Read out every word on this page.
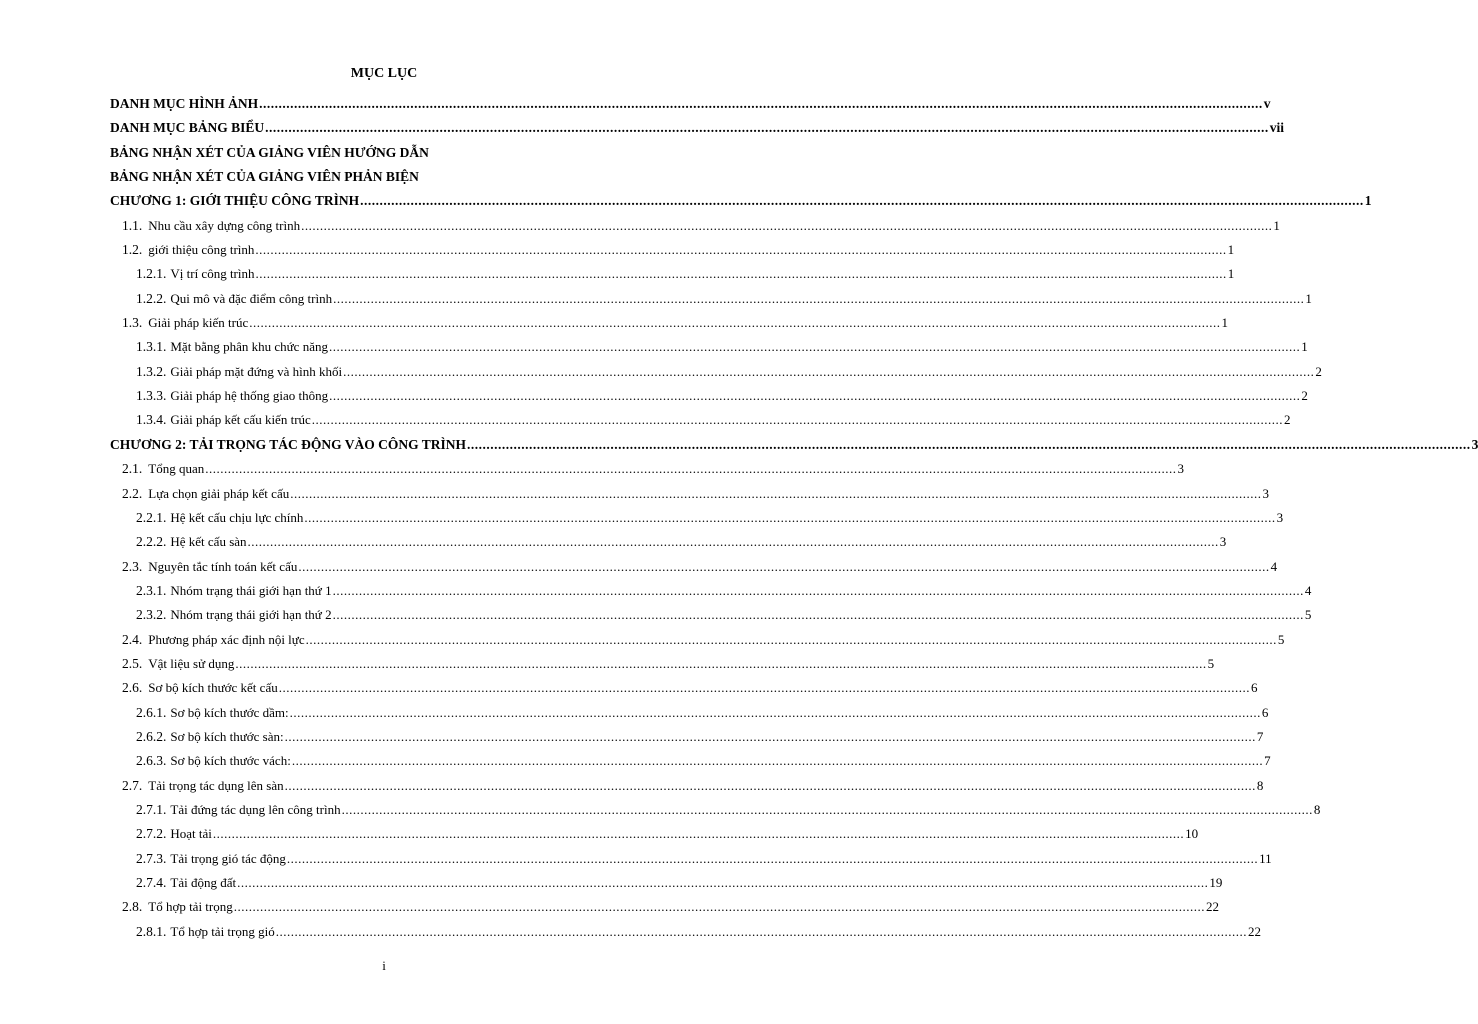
MỤC LỤC
DANH MỤC HÌNH ẢNH ................................................................................................................................................................................................................................................................... v
DANH MỤC BẢNG BIỂU ................................................................................................................................................................................................................................................................... vii
BẢNG NHẬN XÉT CỦA GIẢNG VIÊN HƯỚNG DẪN
BẢNG NHẬN XÉT CỦA GIẢNG VIÊN PHẢN BIỆN
CHƯƠNG 1: GIỚI THIỆU CÔNG TRÌNH ................................................................................................................................................................................................................................................................... 1
1.1. Nhu cầu xây dựng công trình ................................................................................................................................................................................................................................................................... 1
1.2. giới thiệu công trình ................................................................................................................................................................................................................................................................... 1
1.2.1. Vị trí công trình ................................................................................................................................................................................................................................................................... 1
1.2.2. Qui mô và đặc điểm công trình ................................................................................................................................................................................................................................................................... 1
1.3. Giải pháp kiến trúc ................................................................................................................................................................................................................................................................... 1
1.3.1. Mặt bằng phân khu chức năng ................................................................................................................................................................................................................................................................... 1
1.3.2. Giải pháp mặt đứng và hình khối ................................................................................................................................................................................................................................................................... 2
1.3.3. Giải pháp hệ thống giao thông ................................................................................................................................................................................................................................................................... 2
1.3.4. Giải pháp kết cấu kiến trúc ................................................................................................................................................................................................................................................................... 2
CHƯƠNG 2: TẢI TRỌNG TÁC ĐỘNG VÀO CÔNG TRÌNH ................................................................................................................................................................................................................................................................... 3
2.1. Tổng quan ................................................................................................................................................................................................................................................................... 3
2.2. Lựa chọn giải pháp kết cấu ................................................................................................................................................................................................................................................................... 3
2.2.1. Hệ kết cấu chịu lực chính ................................................................................................................................................................................................................................................................... 3
2.2.2. Hệ kết cấu sàn ................................................................................................................................................................................................................................................................... 3
2.3. Nguyên tắc tính toán kết cấu ................................................................................................................................................................................................................................................................... 4
2.3.1. Nhóm trạng thái giới hạn thứ 1 ................................................................................................................................................................................................................................................................... 4
2.3.2. Nhóm trạng thái giới hạn thứ 2 ................................................................................................................................................................................................................................................................... 5
2.4. Phương pháp xác định nội lực ................................................................................................................................................................................................................................................................... 5
2.5. Vật liệu sử dụng ................................................................................................................................................................................................................................................................... 5
2.6. Sơ bộ kích thước kết cấu ................................................................................................................................................................................................................................................................... 6
2.6.1. Sơ bộ kích thước dầm: ................................................................................................................................................................................................................................................................... 6
2.6.2. Sơ bộ kích thước sàn: ................................................................................................................................................................................................................................................................... 7
2.6.3. Sơ bộ kích thước vách: ................................................................................................................................................................................................................................................................... 7
2.7. Tải trọng tác dụng lên sàn ................................................................................................................................................................................................................................................................... 8
2.7.1. Tải đứng tác dụng lên công trình ................................................................................................................................................................................................................................................................... 8
2.7.2. Hoạt tải ................................................................................................................................................................................................................................................................... 10
2.7.3. Tải trọng gió tác động ................................................................................................................................................................................................................................................................... 11
2.7.4. Tải động đất ................................................................................................................................................................................................................................................................... 19
2.8. Tổ hợp tải trọng ................................................................................................................................................................................................................................................................... 22
2.8.1. Tổ hợp tải trọng gió ................................................................................................................................................................................................................................................................... 22
i
